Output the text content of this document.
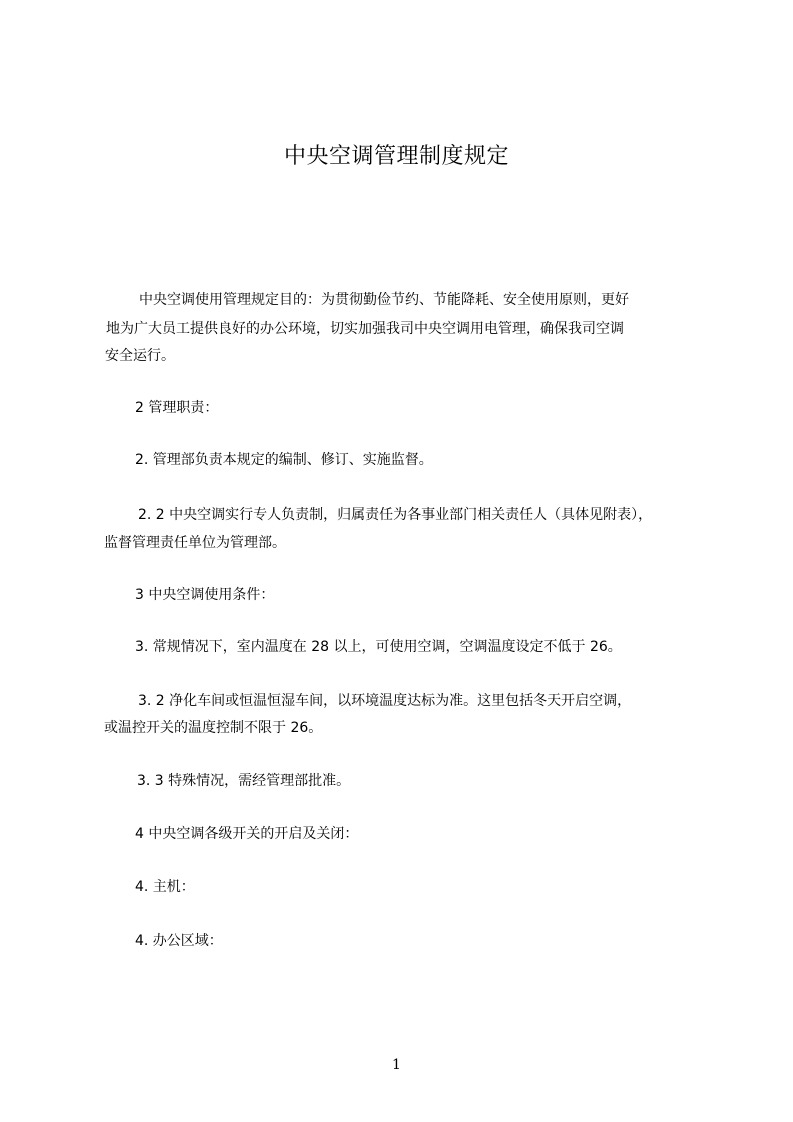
中央空调管理制度规定
中央空调使用管理规定目的：为贯彻勤俭节约、节能降耗、安全使用原则，更好
地为广大员工提供良好的办公环境，切实加强我司中央空调用电管理，确保我司空调
安全运行。
2 管理职责：
2. 管理部负责本规定的编制、修订、实施监督。
2. 2 中央空调实行专人负责制，归属责任为各事业部门相关责任人（具体见附表），
监督管理责任单位为管理部。
3 中央空调使用条件：
3. 常规情况下，室内温度在 28 以上，可使用空调，空调温度设定不低于 26。
3. 2 净化车间或恒温恒湿车间，以环境温度达标为准。这里包括冬天开启空调，
或温控开关的温度控制不限于 26。
3. 3 特殊情况，需经管理部批准。
4 中央空调各级开关的开启及关闭：
4. 主机：
4. 办公区域：
1
